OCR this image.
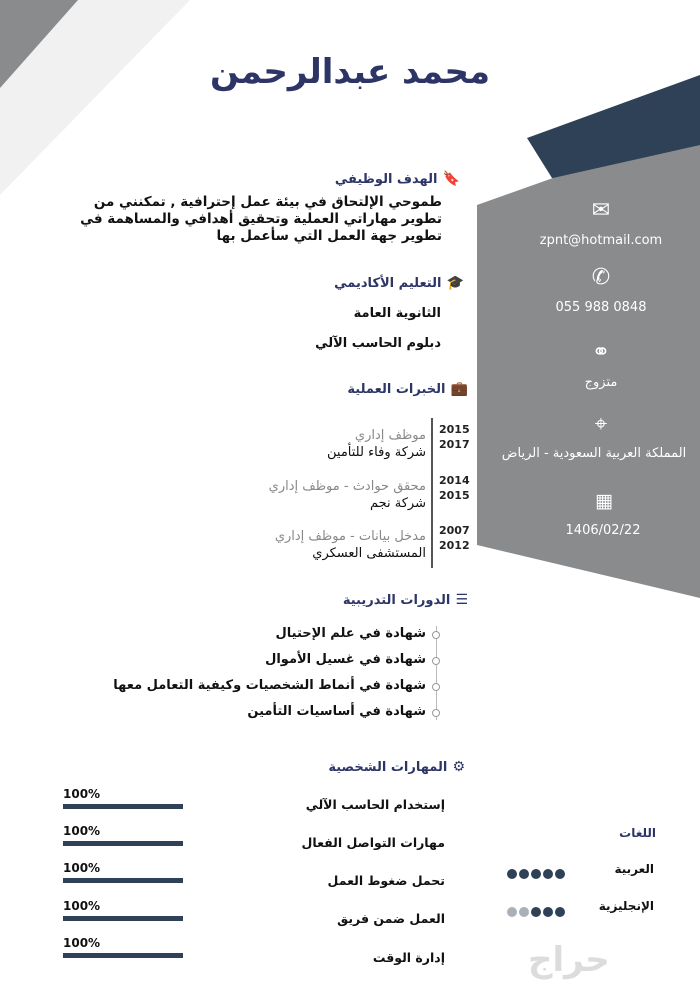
محمد عبدالرحمن
🔖 الهدف الوظيفي
طموحي الإلتحاق في بيئة عمل إحترافية , تمكنني من تطوير مهاراتي العملية وتحقيق أهدافي والمساهمة في تطوير جهة العمل التي سأعمل بها
🎓 التعليم الأكاديمي
الثانوية العامة
دبلوم الحاسب الآلي
💼 الخبرات العملية
2015
2017
موظف إداري
شركة وفاء للتأمين
2014
2015
محقق حوادث - موظف إداري
شركة نجم
2007
2012
مدخل بيانات - موظف إداري
المستشفى العسكري
☰ الدورات التدريبية
شهادة في علم الإحتيال
شهادة في غسيل الأموال
شهادة في أنماط الشخصيات وكيفية التعامل معها
شهادة في أساسيات التأمين
⚙ المهارات الشخصية
100%
إستخدام الحاسب الآلي
100%
مهارات التواصل الفعال
100%
تحمل ضغوط العمل
100%
العمل ضمن فريق
100%
إدارة الوقت
✉
zpnt@hotmail.com
✆
055 988 0848
⚭
متزوج
⌖
المملكة العربية السعودية - الرياض
▦
1406/02/22
اللغات
العربية
الإنجليزية
حراج
